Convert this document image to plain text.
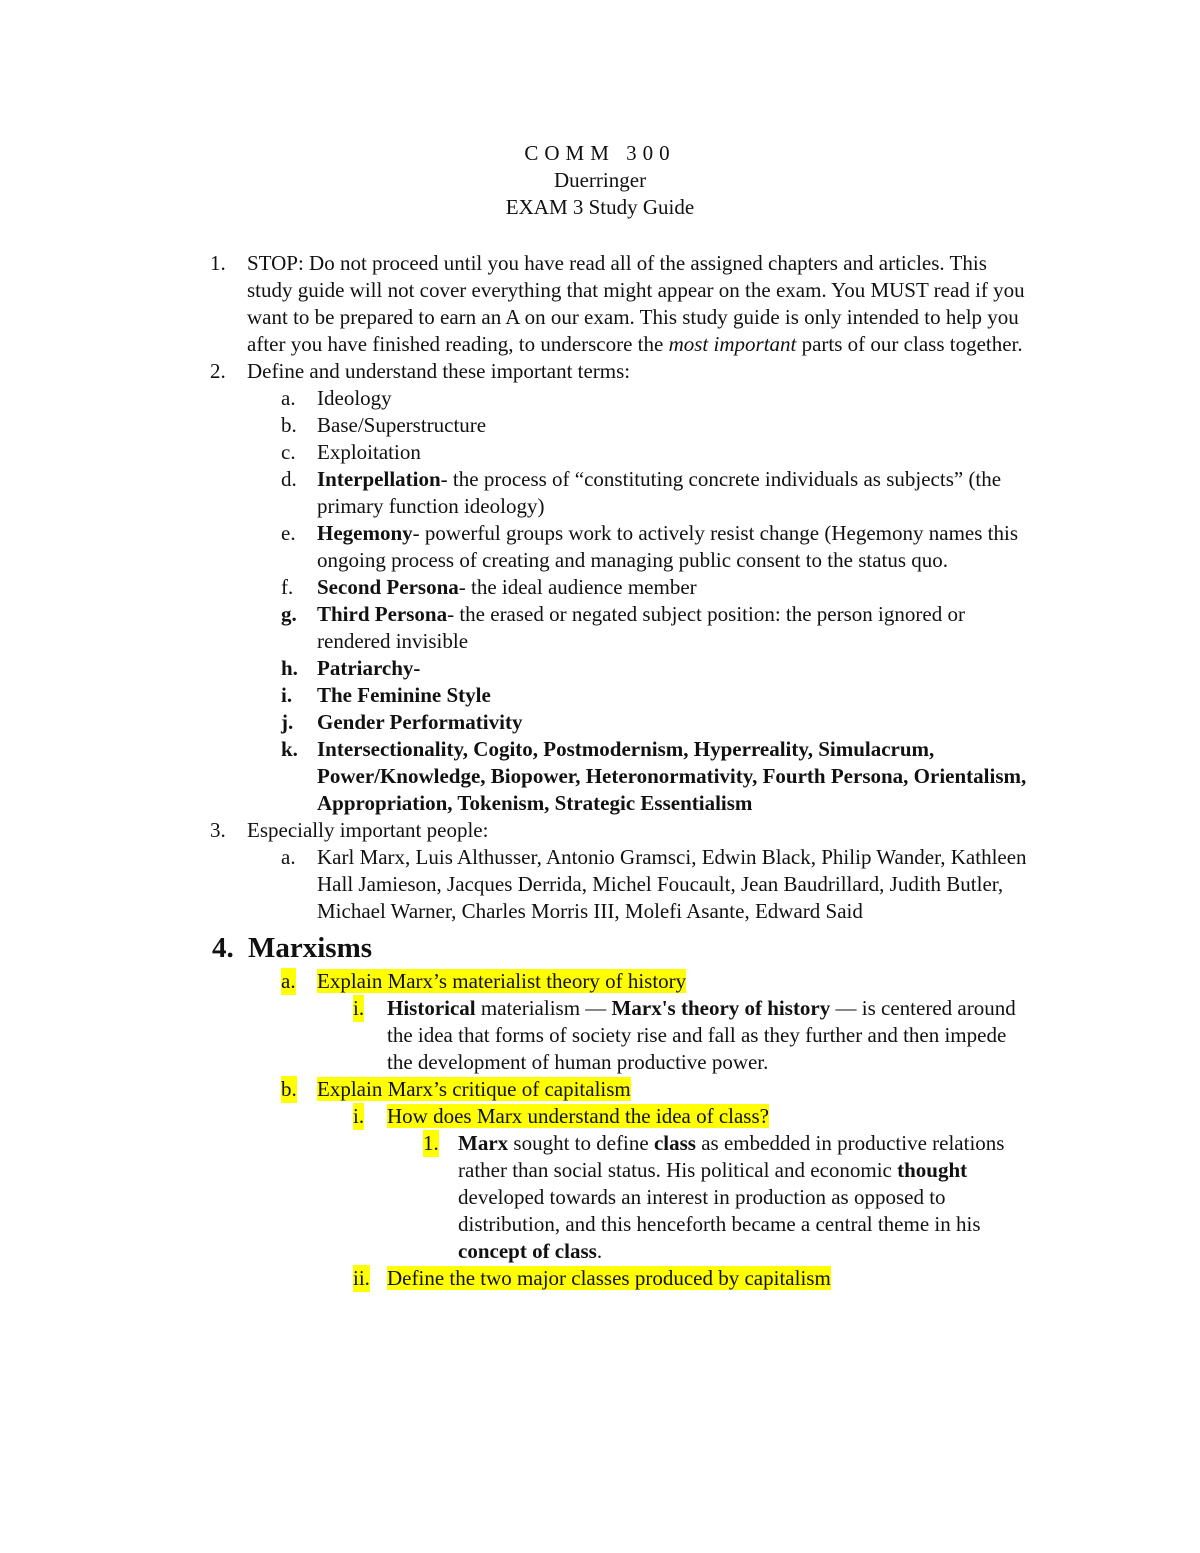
COMM 300
Duerringer
EXAM 3 Study Guide
1. STOP: Do not proceed until you have read all of the assigned chapters and articles. This study guide will not cover everything that might appear on the exam. You MUST read if you want to be prepared to earn an A on our exam. This study guide is only intended to help you after you have finished reading, to underscore the most important parts of our class together.
2. Define and understand these important terms:
a. Ideology
b. Base/Superstructure
c. Exploitation
d. Interpellation- the process of “constituting concrete individuals as subjects” (the primary function ideology)
e. Hegemony- powerful groups work to actively resist change (Hegemony names this ongoing process of creating and managing public consent to the status quo.
f. Second Persona- the ideal audience member
g. Third Persona- the erased or negated subject position: the person ignored or rendered invisible
h. Patriarchy-
i. The Feminine Style
j. Gender Performativity
k. Intersectionality, Cogito, Postmodernism, Hyperreality, Simulacrum, Power/Knowledge, Biopower, Heteronormativity, Fourth Persona, Orientalism, Appropriation, Tokenism, Strategic Essentialism
3. Especially important people:
a. Karl Marx, Luis Althusser, Antonio Gramsci, Edwin Black, Philip Wander, Kathleen Hall Jamieson, Jacques Derrida, Michel Foucault, Jean Baudrillard, Judith Butler, Michael Warner, Charles Morris III, Molefi Asante, Edward Said
4. Marxisms
a. Explain Marx’s materialist theory of history
i. Historical materialism — Marx's theory of history — is centered around the idea that forms of society rise and fall as they further and then impede the development of human productive power.
b. Explain Marx’s critique of capitalism
i. How does Marx understand the idea of class?
1. Marx sought to define class as embedded in productive relations rather than social status. His political and economic thought developed towards an interest in production as opposed to distribution, and this henceforth became a central theme in his concept of class.
ii. Define the two major classes produced by capitalism
